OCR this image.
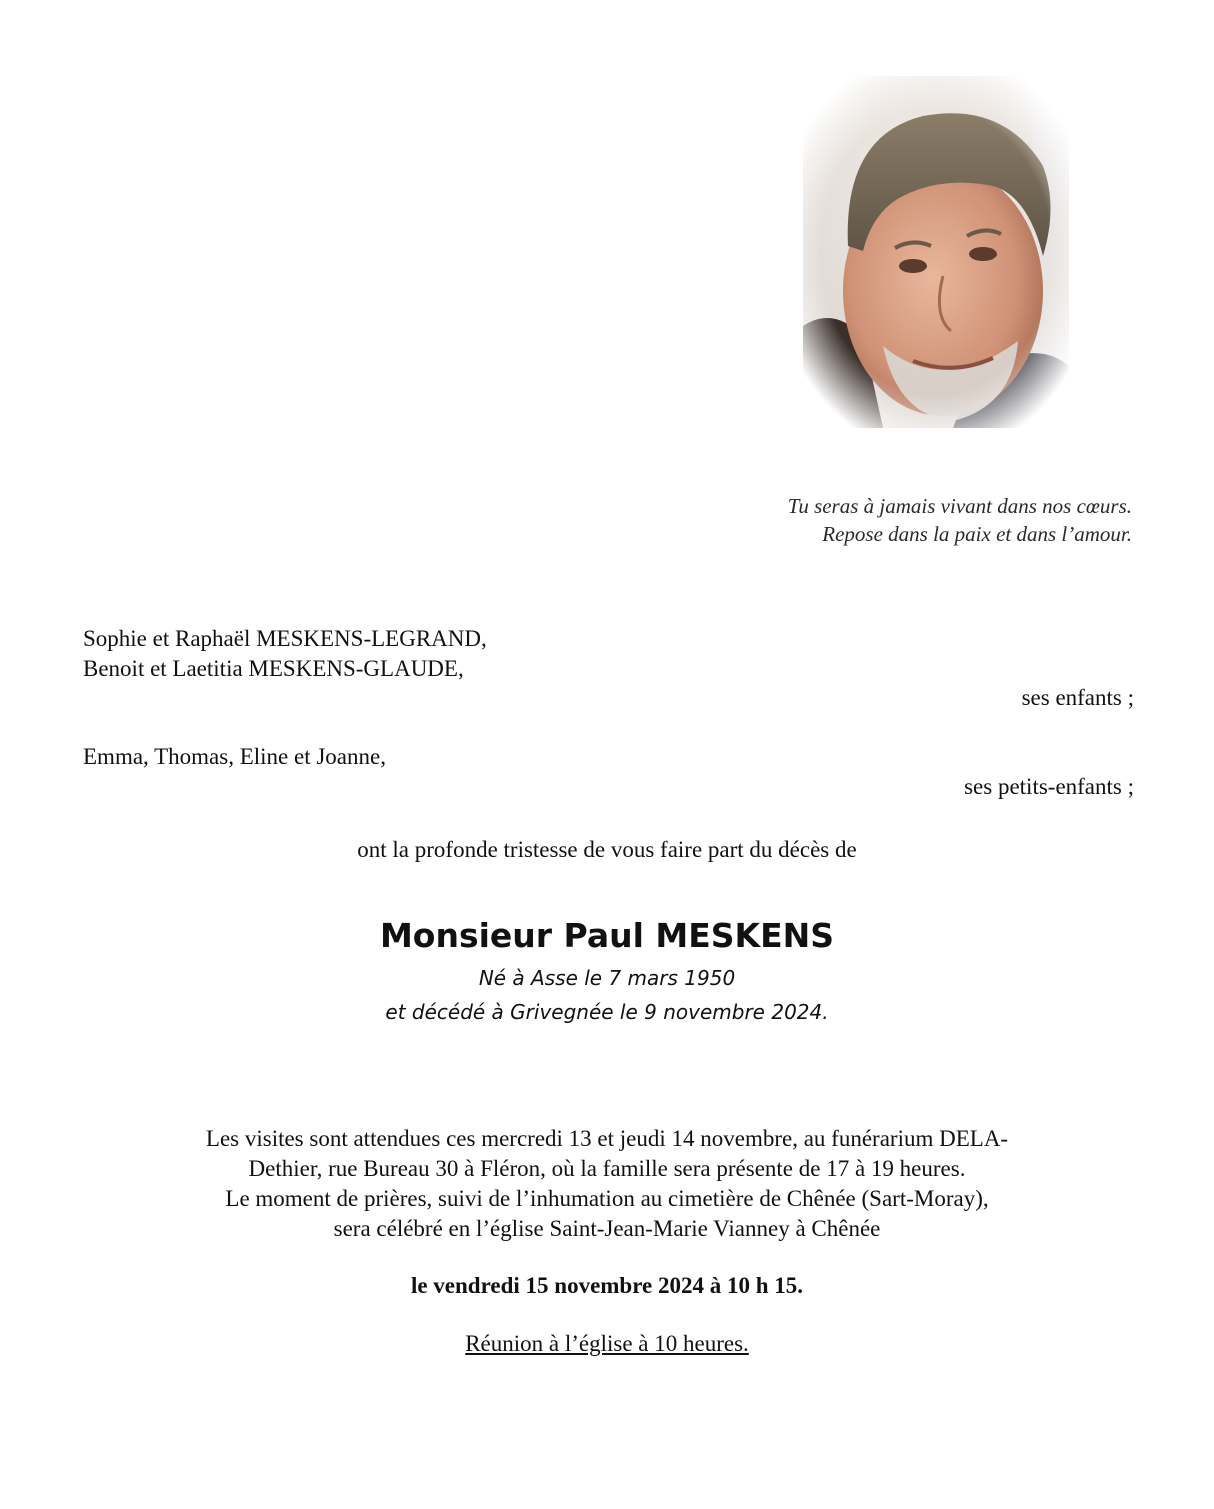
Tu seras à jamais vivant dans nos cœurs.
Repose dans la paix et dans l’amour.
Sophie et Raphaël MESKENS-LEGRAND,
Benoit et Laetitia MESKENS-GLAUDE,
ses enfants ;
Emma, Thomas, Eline et Joanne,
ses petits-enfants ;
ont la profonde tristesse de vous faire part du décès de
Monsieur Paul MESKENS
Né à Asse le 7 mars 1950
et décédé à Grivegnée le 9 novembre 2024.
Les visites sont attendues ces mercredi 13 et jeudi 14 novembre, au funérarium DELA-
Dethier, rue Bureau 30 à Fléron, où la famille sera présente de 17 à 19 heures.
Le moment de prières, suivi de l’inhumation au cimetière de Chênée (Sart-Moray),
sera célébré en l’église Saint-Jean-Marie Vianney à Chênée
le vendredi 15 novembre 2024 à 10 h 15.
Réunion à l’église à 10 heures.
